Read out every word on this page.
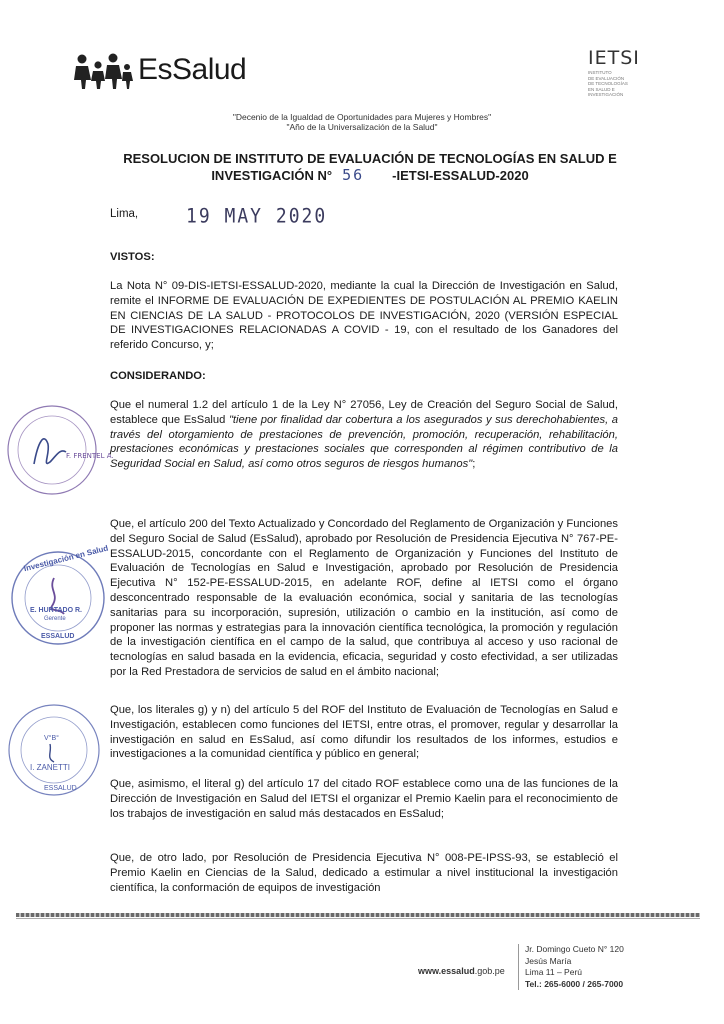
EsSalud	IETSI
INSTITUTO
DE EVALUACIÓN
DE TECNOLOGÍAS
EN SALUD E
INVESTIGACIÓN
"Decenio de la Igualdad de Oportunidades para Mujeres y Hombres"
"Año de la Universalización de la Salud"
RESOLUCION DE INSTITUTO DE EVALUACIÓN DE TECNOLOGÍAS EN SALUD E
INVESTIGACIÓN N° 56 -IETSI-ESSALUD-2020
Lima,	19 MAY 2020

VISTOS:

La Nota N° 09-DIS-IETSI-ESSALUD-2020, mediante la cual la Dirección de Investigación en Salud, remite el INFORME DE EVALUACIÓN DE EXPEDIENTES DE POSTULACIÓN AL PREMIO KAELIN EN CIENCIAS DE LA SALUD - PROTOCOLOS DE INVESTIGACIÓN, 2020 (VERSIÓN ESPECIAL DE INVESTIGACIONES RELACIONADAS A COVID - 19, con el resultado de los Ganadores del referido Concurso, y;

CONSIDERANDO:

Que el numeral 1.2 del artículo 1 de la Ley N° 27056, Ley de Creación del Seguro Social de Salud, establece que EsSalud "tiene por finalidad dar cobertura a los asegurados y sus derechohabientes, a través del otorgamiento de prestaciones de prevención, promoción, recuperación, rehabilitación, prestaciones económicas y prestaciones sociales que corresponden al régimen contributivo de la Seguridad Social en Salud, así como otros seguros de riesgos humanos";

Que, el artículo 200 del Texto Actualizado y Concordado del Reglamento de Organización y Funciones del Seguro Social de Salud (EsSalud), aprobado por Resolución de Presidencia Ejecutiva N° 767-PE-ESSALUD-2015, concordante con el Reglamento de Organización y Funciones del Instituto de Evaluación de Tecnologías en Salud e Investigación, aprobado por Resolución de Presidencia Ejecutiva N° 152-PE-ESSALUD-2015, en adelante ROF, define al IETSI como el órgano desconcentrado responsable de la evaluación económica, social y sanitaria de las tecnologías sanitarias para su incorporación, supresión, utilización o cambio en la institución, así como de proponer las normas y estrategias para la innovación científica tecnológica, la promoción y regulación de la investigación científica en el campo de la salud, que contribuya al acceso y uso racional de tecnologías en salud basada en la evidencia, eficacia, seguridad y costo efectividad, a ser utilizadas por la Red Prestadora de servicios de salud en el ámbito nacional;

Que, los literales g) y n) del artículo 5 del ROF del Instituto de Evaluación de Tecnologías en Salud e Investigación, establecen como funciones del IETSI, entre otras, el promover, regular y desarrollar la investigación en salud en EsSalud, así como difundir los resultados de los informes, estudios e investigaciones a la comunidad científica y público en general;

Que, asimismo, el literal g) del artículo 17 del citado ROF establece como una de las funciones de la Dirección de Investigación en Salud del IETSI el organizar el Premio Kaelin para el reconocimiento de los trabajos de investigación en salud más destacados en EsSalud;

Que, de otro lado, por Resolución de Presidencia Ejecutiva N° 008-PE-IPSS-93, se estableció el Premio Kaelin en Ciencias de la Salud, dedicado a estimular a nivel institucional la investigación científica, la conformación de equipos de investigación

F. FRENTEL A.
Investigación en Salud
E. HURTADO R.
Gerente
ESSALUD
V°B°
I. ZANETTI
ESSALUD
www.essalud.gob.pe
Jr. Domingo Cueto N° 120
Jesús María
Lima 11 – Perú
Tel.: 265-6000 / 265-7000
